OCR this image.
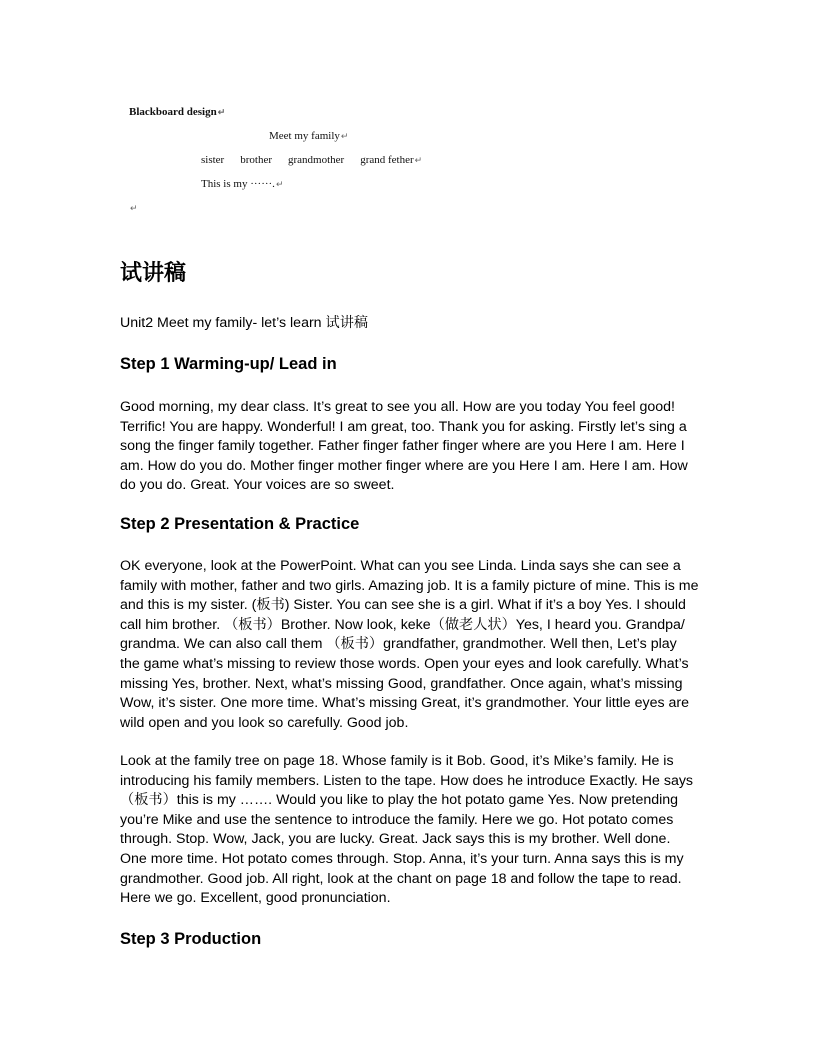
Blackboard design↵
Meet my family↵
sister brother grandmother grand fether↵
This is my ······.↵
↵
试讲稿

Unit2 Meet my family- let’s learn 试讲稿

Step 1 Warming-up/ Lead in

Good morning, my dear class. It’s great to see you all. How are you today You feel good! Terrific! You are happy. Wonderful! I am great, too. Thank you for asking. Firstly let’s sing a song the finger family together. Father finger father finger where are you Here I am. Here I am. How do you do. Mother finger mother finger where are you Here I am. Here I am. How do you do. Great. Your voices are so sweet.

Step 2 Presentation & Practice

OK everyone, look at the PowerPoint. What can you see Linda. Linda says she can see a family with mother, father and two girls. Amazing job. It is a family picture of mine. This is me and this is my sister. (板书) Sister. You can see she is a girl. What if it’s a boy Yes. I should call him brother. （板书）Brother. Now look, keke（做老人状）Yes, I heard you. Grandpa/ grandma. We can also call them （板书）grandfather, grandmother. Well then, Let’s play the game what’s missing to review those words. Open your eyes and look carefully. What’s missing Yes, brother. Next, what’s missing Good, grandfather. Once again, what’s missing Wow, it’s sister. One more time. What’s missing Great, it’s grandmother. Your little eyes are wild open and you look so carefully. Good job.

Look at the family tree on page 18. Whose family is it Bob. Good, it’s Mike’s family. He is introducing his family members. Listen to the tape. How does he introduce Exactly. He says（板书）this is my ……. Would you like to play the hot potato game Yes. Now pretending you’re Mike and use the sentence to introduce the family. Here we go. Hot potato comes through. Stop. Wow, Jack, you are lucky. Great. Jack says this is my brother. Well done. One more time. Hot potato comes through. Stop. Anna, it’s your turn. Anna says this is my grandmother. Good job. All right, look at the chant on page 18 and follow the tape to read. Here we go. Excellent, good pronunciation.

Step 3 Production
